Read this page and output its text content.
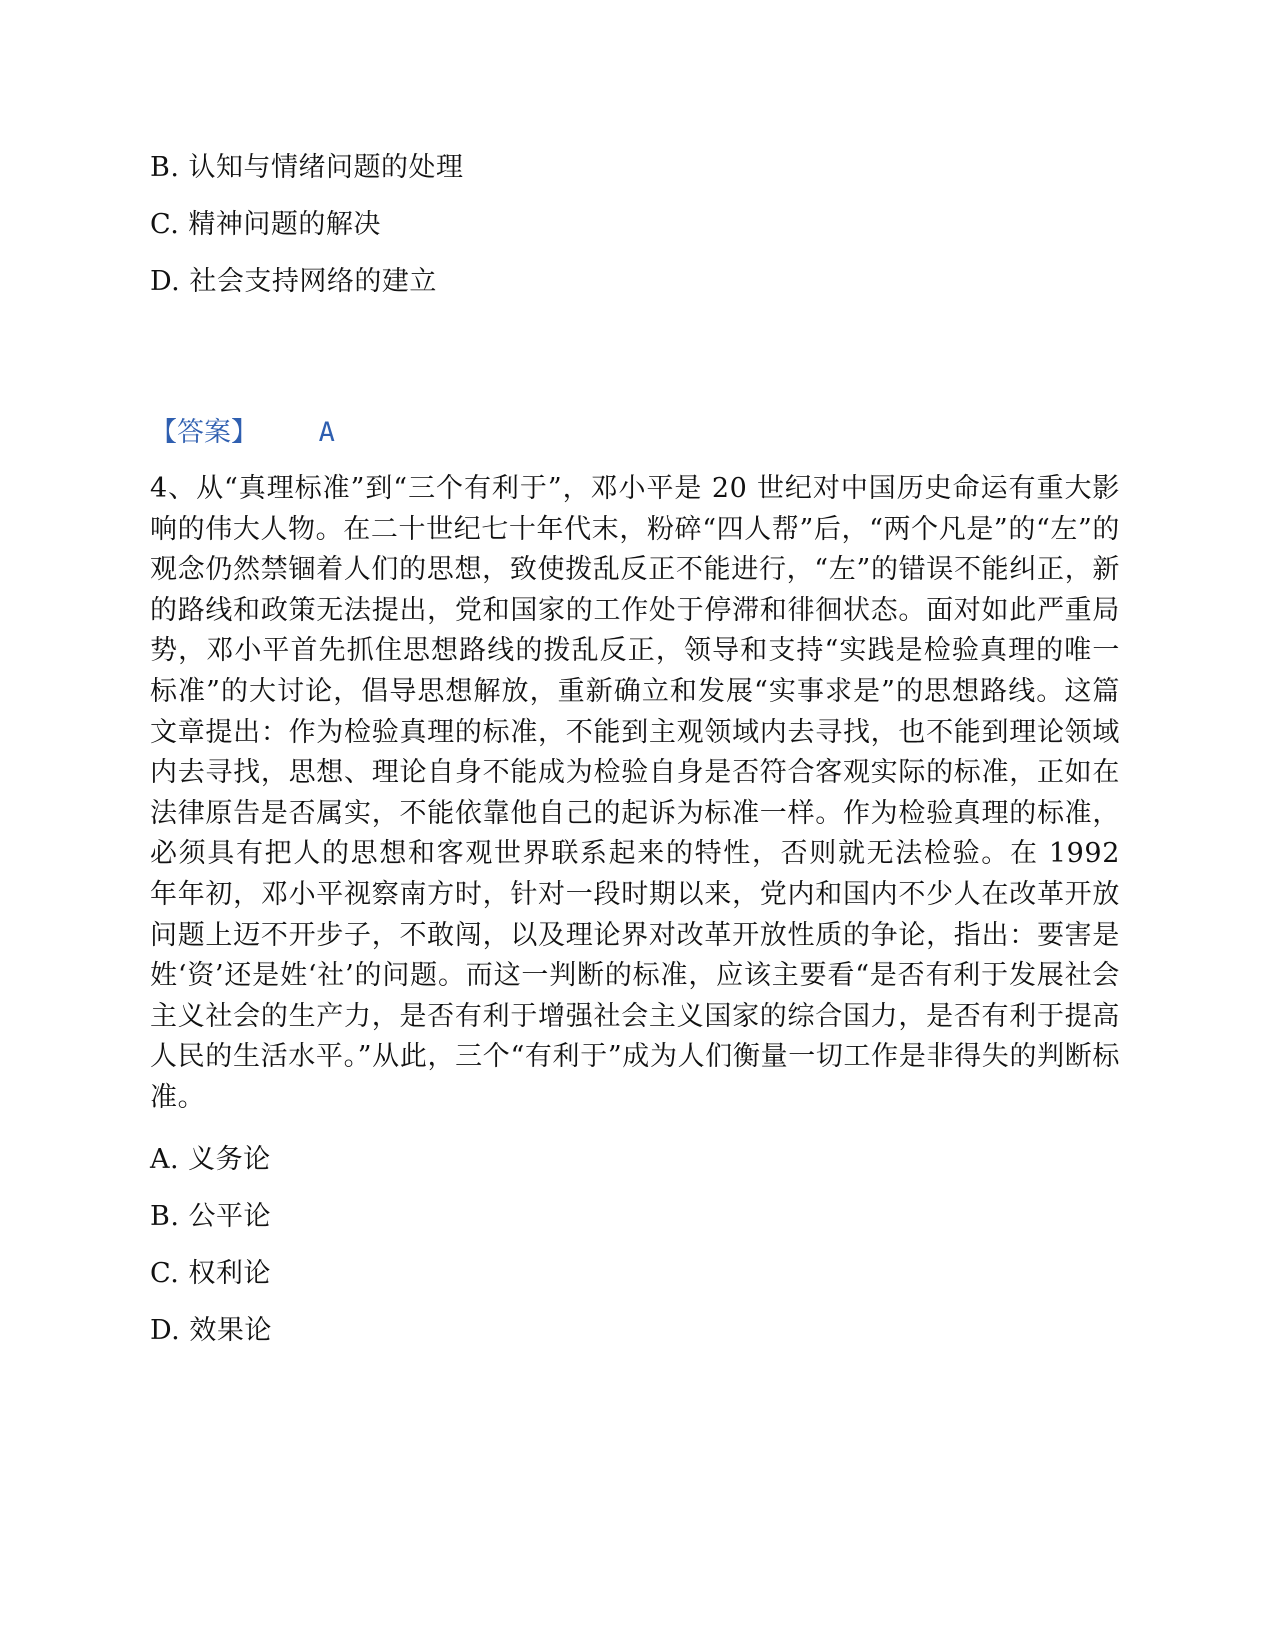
B. 认知与情绪问题的处理
C. 精神问题的解决
D. 社会支持网络的建立
【答案】 A
4、从“真理标准”到“三个有利于”，邓小平是 20 世纪对中国历史命运有重大影响的伟大人物。在二十世纪七十年代末，粉碎“四人帮”后，“两个凡是”的“左”的观念仍然禁锢着人们的思想，致使拨乱反正不能进行，“左”的错误不能纠正，新的路线和政策无法提出，党和国家的工作处于停滞和徘徊状态。面对如此严重局势，邓小平首先抓住思想路线的拨乱反正，领导和支持“实践是检验真理的唯一标准”的大讨论，倡导思想解放，重新确立和发展“实事求是”的思想路线。这篇文章提出：作为检验真理的标准，不能到主观领域内去寻找，也不能到理论领域内去寻找，思想、理论自身不能成为检验自身是否符合客观实际的标准，正如在法律原告是否属实，不能依靠他自己的起诉为标准一样。作为检验真理的标准，必须具有把人的思想和客观世界联系起来的特性，否则就无法检验。在 1992 年年初，邓小平视察南方时，针对一段时期以来，党内和国内不少人在改革开放问题上迈不开步子，不敢闯，以及理论界对改革开放性质的争论，指出：要害是姓‘资’还是姓‘社’的问题。而这一判断的标准，应该主要看“是否有利于发展社会主义社会的生产力，是否有利于增强社会主义国家的综合国力，是否有利于提高人民的生活水平。”从此，三个“有利于”成为人们衡量一切工作是非得失的判断标准。
A. 义务论
B. 公平论
C. 权利论
D. 效果论
